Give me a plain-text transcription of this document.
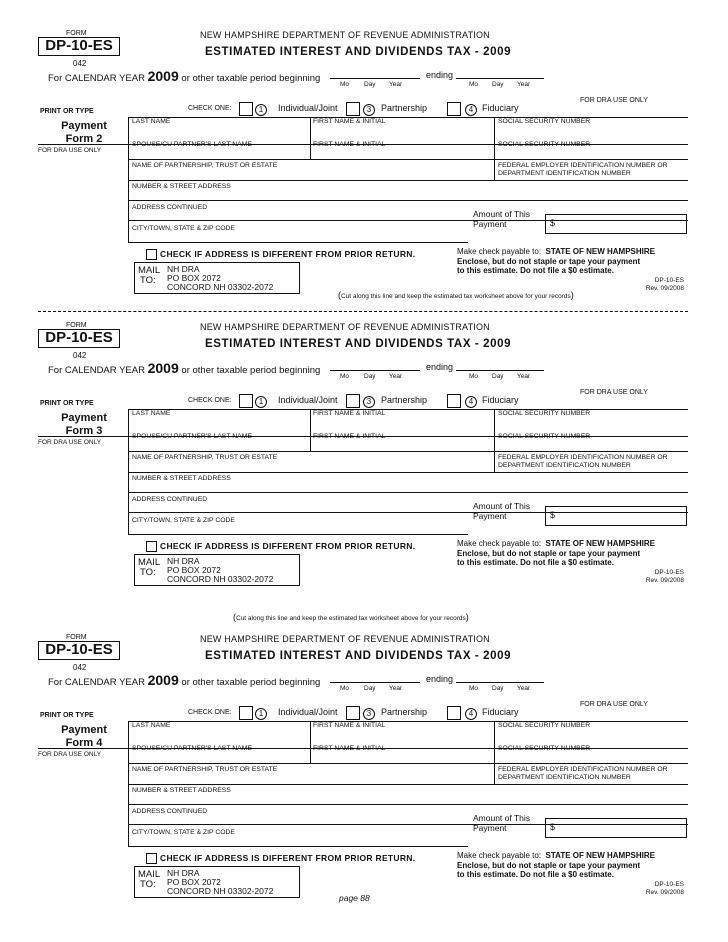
FORM
DP-10-ES
042
NEW HAMPSHIRE DEPARTMENT OF REVENUE ADMINISTRATION
ESTIMATED INTEREST AND DIVIDENDS TAX - 2009
For CALENDAR YEAR 2009 or other taxable period beginning
Mo Day Year
ending
Mo Day Year
FOR DRA USE ONLY
PRINT OR TYPE	CHECK ONE:	1	Individual/Joint	3	Partnership	4 Fiduciary
Payment
Form 2
FOR DRA USE ONLY
LAST NAME	FIRST NAME & INITIAL	SOCIAL SECURITY NUMBER
SPOUSE/CU PARTNER'S LAST NAME	FIRST NAME & INITIAL	SOCIAL SECURITY NUMBER
NAME OF PARTNERSHIP, TRUST OR ESTATE	FEDERAL EMPLOYER IDENTIFICATION NUMBER OR
DEPARTMENT IDENTIFICATION NUMBER
NUMBER & STREET ADDRESS
ADDRESS CONTINUED
CITY/TOWN, STATE & ZIP CODE
Amount of This
Payment	$
CHECK IF ADDRESS IS DIFFERENT FROM PRIOR RETURN.
MAIL
TO:
NH DRA
PO BOX 2072
CONCORD NH 03302-2072
Make check payable to: STATE OF NEW HAMPSHIRE
Enclose, but do not staple or tape your payment
to this estimate. Do not file a $0 estimate.
DP-10-ES
Rev. 09/2008
FORM
DP-10-ES
042
NEW HAMPSHIRE DEPARTMENT OF REVENUE ADMINISTRATION
ESTIMATED INTEREST AND DIVIDENDS TAX - 2009
For CALENDAR YEAR 2009 or other taxable period beginning
Mo Day Year
ending
Mo Day Year
FOR DRA USE ONLY
PRINT OR TYPE	CHECK ONE:	1	Individual/Joint	3	Partnership	4 Fiduciary
Payment
Form 3
FOR DRA USE ONLY
LAST NAME	FIRST NAME & INITIAL	SOCIAL SECURITY NUMBER
SPOUSE/CU PARTNER'S LAST NAME	FIRST NAME & INITIAL	SOCIAL SECURITY NUMBER
NAME OF PARTNERSHIP, TRUST OR ESTATE	FEDERAL EMPLOYER IDENTIFICATION NUMBER OR
DEPARTMENT IDENTIFICATION NUMBER
NUMBER & STREET ADDRESS
ADDRESS CONTINUED
CITY/TOWN, STATE & ZIP CODE
Amount of This
Payment	$
CHECK IF ADDRESS IS DIFFERENT FROM PRIOR RETURN.
MAIL
TO:
NH DRA
PO BOX 2072
CONCORD NH 03302-2072
Make check payable to: STATE OF NEW HAMPSHIRE
Enclose, but do not staple or tape your payment
to this estimate. Do not file a $0 estimate.
DP-10-ES
Rev. 09/2008
FORM
DP-10-ES
042
NEW HAMPSHIRE DEPARTMENT OF REVENUE ADMINISTRATION
ESTIMATED INTEREST AND DIVIDENDS TAX - 2009
For CALENDAR YEAR 2009 or other taxable period beginning
Mo Day Year
ending
Mo Day Year
FOR DRA USE ONLY
PRINT OR TYPE	CHECK ONE:	1	Individual/Joint	3	Partnership	4 Fiduciary
Payment
Form 4
FOR DRA USE ONLY
LAST NAME	FIRST NAME & INITIAL	SOCIAL SECURITY NUMBER
SPOUSE/CU PARTNER'S LAST NAME	FIRST NAME & INITIAL	SOCIAL SECURITY NUMBER
NAME OF PARTNERSHIP, TRUST OR ESTATE	FEDERAL EMPLOYER IDENTIFICATION NUMBER OR
DEPARTMENT IDENTIFICATION NUMBER
NUMBER & STREET ADDRESS
ADDRESS CONTINUED
CITY/TOWN, STATE & ZIP CODE
Amount of This
Payment	$
CHECK IF ADDRESS IS DIFFERENT FROM PRIOR RETURN.
MAIL
TO:
NH DRA
PO BOX 2072
CONCORD NH 03302-2072
Make check payable to: STATE OF NEW HAMPSHIRE
Enclose, but do not staple or tape your payment
to this estimate. Do not file a $0 estimate.
DP-10-ES
Rev. 09/2008
(Cut along this line and keep the estimated tax worksheet above for your records)
(Cut along this line and keep the estimated tax worksheet above for your records)
page 88
